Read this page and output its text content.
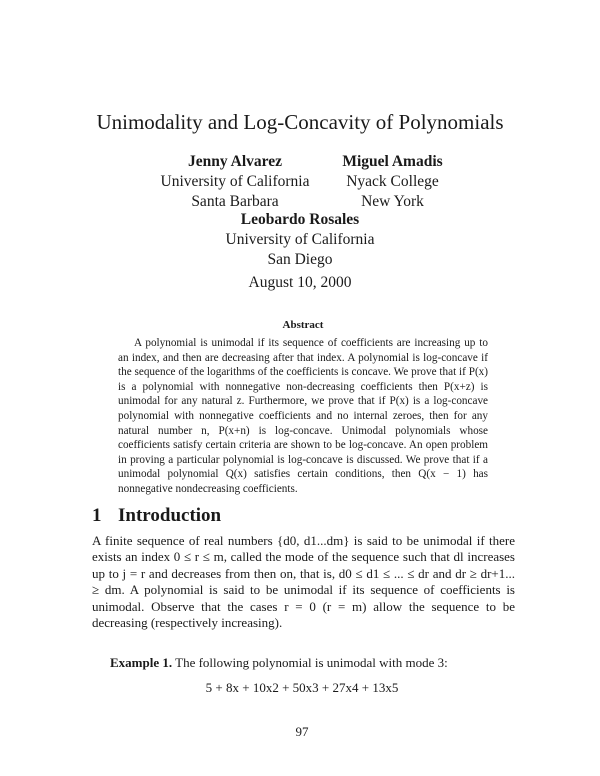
Unimodality and Log-Concavity of Polynomials
Jenny Alvarez
University of California
Santa Barbara
Miguel Amadis
Nyack College
New York
Leobardo Rosales
University of California
San Diego
August 10, 2000
Abstract
A polynomial is unimodal if its sequence of coefficients are increasing up to an index, and then are decreasing after that index. A polynomial is log-concave if the sequence of the logarithms of the coefficients is concave. We prove that if P(x) is a polynomial with nonnegative non-decreasing coefficients then P(x+z) is unimodal for any natural z. Furthermore, we prove that if P(x) is a log-concave polynomial with nonnegative coefficients and no internal zeroes, then for any natural number n, P(x+n) is log-concave. Unimodal polynomials whose coefficients satisfy certain criteria are shown to be log-concave. An open problem in proving a particular polynomial is log-concave is discussed. We prove that if a unimodal polynomial Q(x) satisfies certain conditions, then Q(x − 1) has nonnegative nondecreasing coefficients.
1 Introduction
A finite sequence of real numbers {d0, d1...dm} is said to be unimodal if there exists an index 0 ≤ r ≤ m, called the mode of the sequence such that dl increases up to j = r and decreases from then on, that is, d0 ≤ d1 ≤ ... ≤ dr and dr ≥ dr+1... ≥ dm. A polynomial is said to be unimodal if its sequence of coefficients is unimodal. Observe that the cases r = 0 (r = m) allow the sequence to be decreasing (respectively increasing).
Example 1. The following polynomial is unimodal with mode 3:
5 + 8x + 10x2 + 50x3 + 27x4 + 13x5
97
